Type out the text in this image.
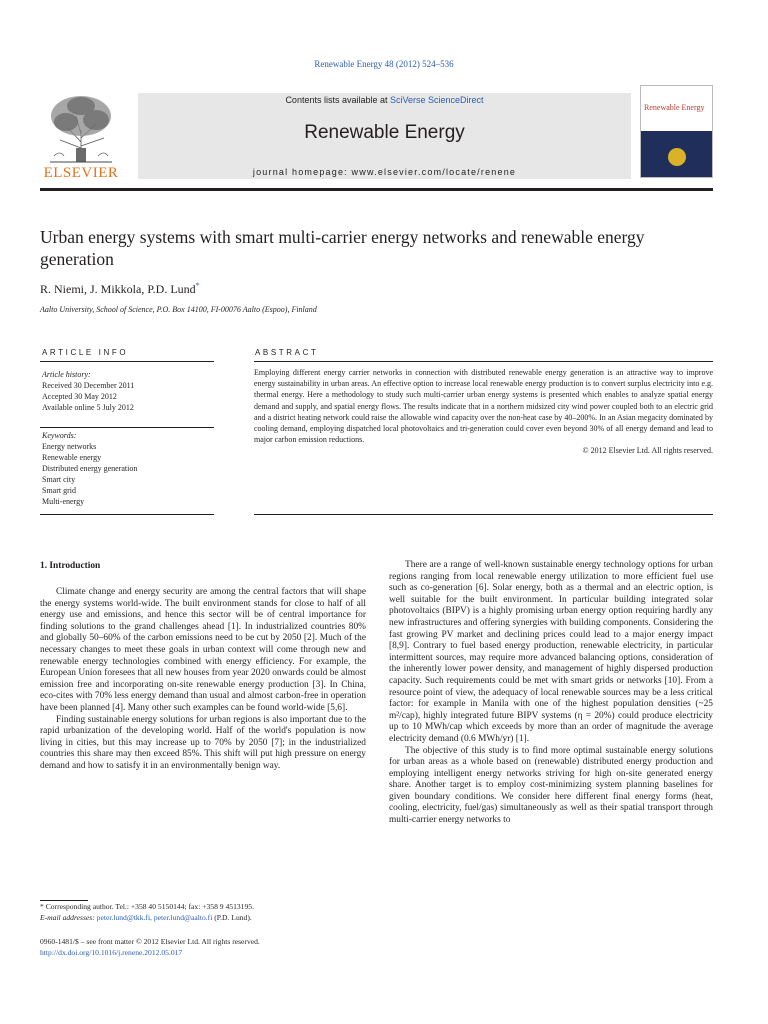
Renewable Energy 48 (2012) 524–536
ELSEVIER
Contents lists available at SciVerse ScienceDirect
Renewable Energy
journal homepage: www.elsevier.com/locate/renene
Renewable Energy
Urban energy systems with smart multi-carrier energy networks and renewable energy generation
R. Niemi, J. Mikkola, P.D. Lund*
Aalto University, School of Science, P.O. Box 14100, FI-00076 Aalto (Espoo), Finland
ARTICLE INFO	ABSTRACT
Article history:
Received 30 December 2011
Accepted 30 May 2012
Available online 5 July 2012
Keywords:
Energy networks
Renewable energy
Distributed energy generation
Smart city
Smart grid
Multi-energy
Employing different energy carrier networks in connection with distributed renewable energy generation is an attractive way to improve energy sustainability in urban areas. An effective option to increase local renewable energy production is to convert surplus electricity into e.g. thermal energy. Here a methodology to study such multi-carrier urban energy systems is presented which enables to analyze spatial energy demand and supply, and spatial energy flows. The results indicate that in a northern midsized city wind power coupled both to an electric grid and a district heating network could raise the allowable wind capacity over the non-heat case by 40–200%. In an Asian megacity dominated by cooling demand, employing dispatched local photovoltaics and tri-generation could cover even beyond 30% of all energy demand and lead to major carbon emission reductions.
© 2012 Elsevier Ltd. All rights reserved.
1. Introduction

Climate change and energy security are among the central factors that will shape the energy systems world-wide. The built environment stands for close to half of all energy use and emissions, and hence this sector will be of central importance for finding solutions to the grand challenges ahead [1]. In industrialized countries 80% and globally 50–60% of the carbon emissions need to be cut by 2050 [2]. Much of the necessary changes to meet these goals in urban context will come through new and renewable energy technologies combined with energy efficiency. For example, the European Union foresees that all new houses from year 2020 onwards could be almost emission free and incorporating on-site renewable energy production [3]. In China, eco-cites with 70% less energy demand than usual and almost carbon-free in operation have been planned [4]. Many other such examples can be found world-wide [5,6].

Finding sustainable energy solutions for urban regions is also important due to the rapid urbanization of the developing world. Half of the world's population is now living in cities, but this may increase up to 70% by 2050 [7]; in the industrialized countries this share may then exceed 85%. This shift will put high pressure on energy demand and how to satisfy it in an environmentally benign way.

There are a range of well-known sustainable energy technology options for urban regions ranging from local renewable energy utilization to more efficient fuel use such as co-generation [6]. Solar energy, both as a thermal and an electric option, is well suitable for the built environment. In particular building integrated solar photovoltaics (BIPV) is a highly promising urban energy option requiring hardly any new infrastructures and offering synergies with building components. Considering the fast growing PV market and declining prices could lead to a major energy impact [8,9]. Contrary to fuel based energy production, renewable electricity, in particular intermittent sources, may require more advanced balancing options, consideration of the inherently lower power density, and management of highly dispersed production capacity. Such requirements could be met with smart grids or networks [10]. From a resource point of view, the adequacy of local renewable sources may be a less critical factor: for example in Manila with one of the highest population densities (~25 m²/cap), highly integrated future BIPV systems (η = 20%) could produce electricity up to 10 MWh/cap which exceeds by more than an order of magnitude the average electricity demand (0.6 MWh/yr) [1].

The objective of this study is to find more optimal sustainable energy solutions for urban areas as a whole based on (renewable) distributed energy production and employing intelligent energy networks striving for high on-site generated energy share. Another target is to employ cost-minimizing system planning baselines for given boundary conditions. We consider here different final energy forms (heat, cooling, electricity, fuel/gas) simultaneously as well as their spatial transport through multi-carrier energy networks to

* Corresponding author. Tel.: +358 40 5150144; fax: +358 9 4513195.

E-mail addresses: peter.lund@tkk.fi, peter.lund@aalto.fi (P.D. Lund).

0960-1481/$ – see front matter © 2012 Elsevier Ltd. All rights reserved.

http://dx.doi.org/10.1016/j.renene.2012.05.017
